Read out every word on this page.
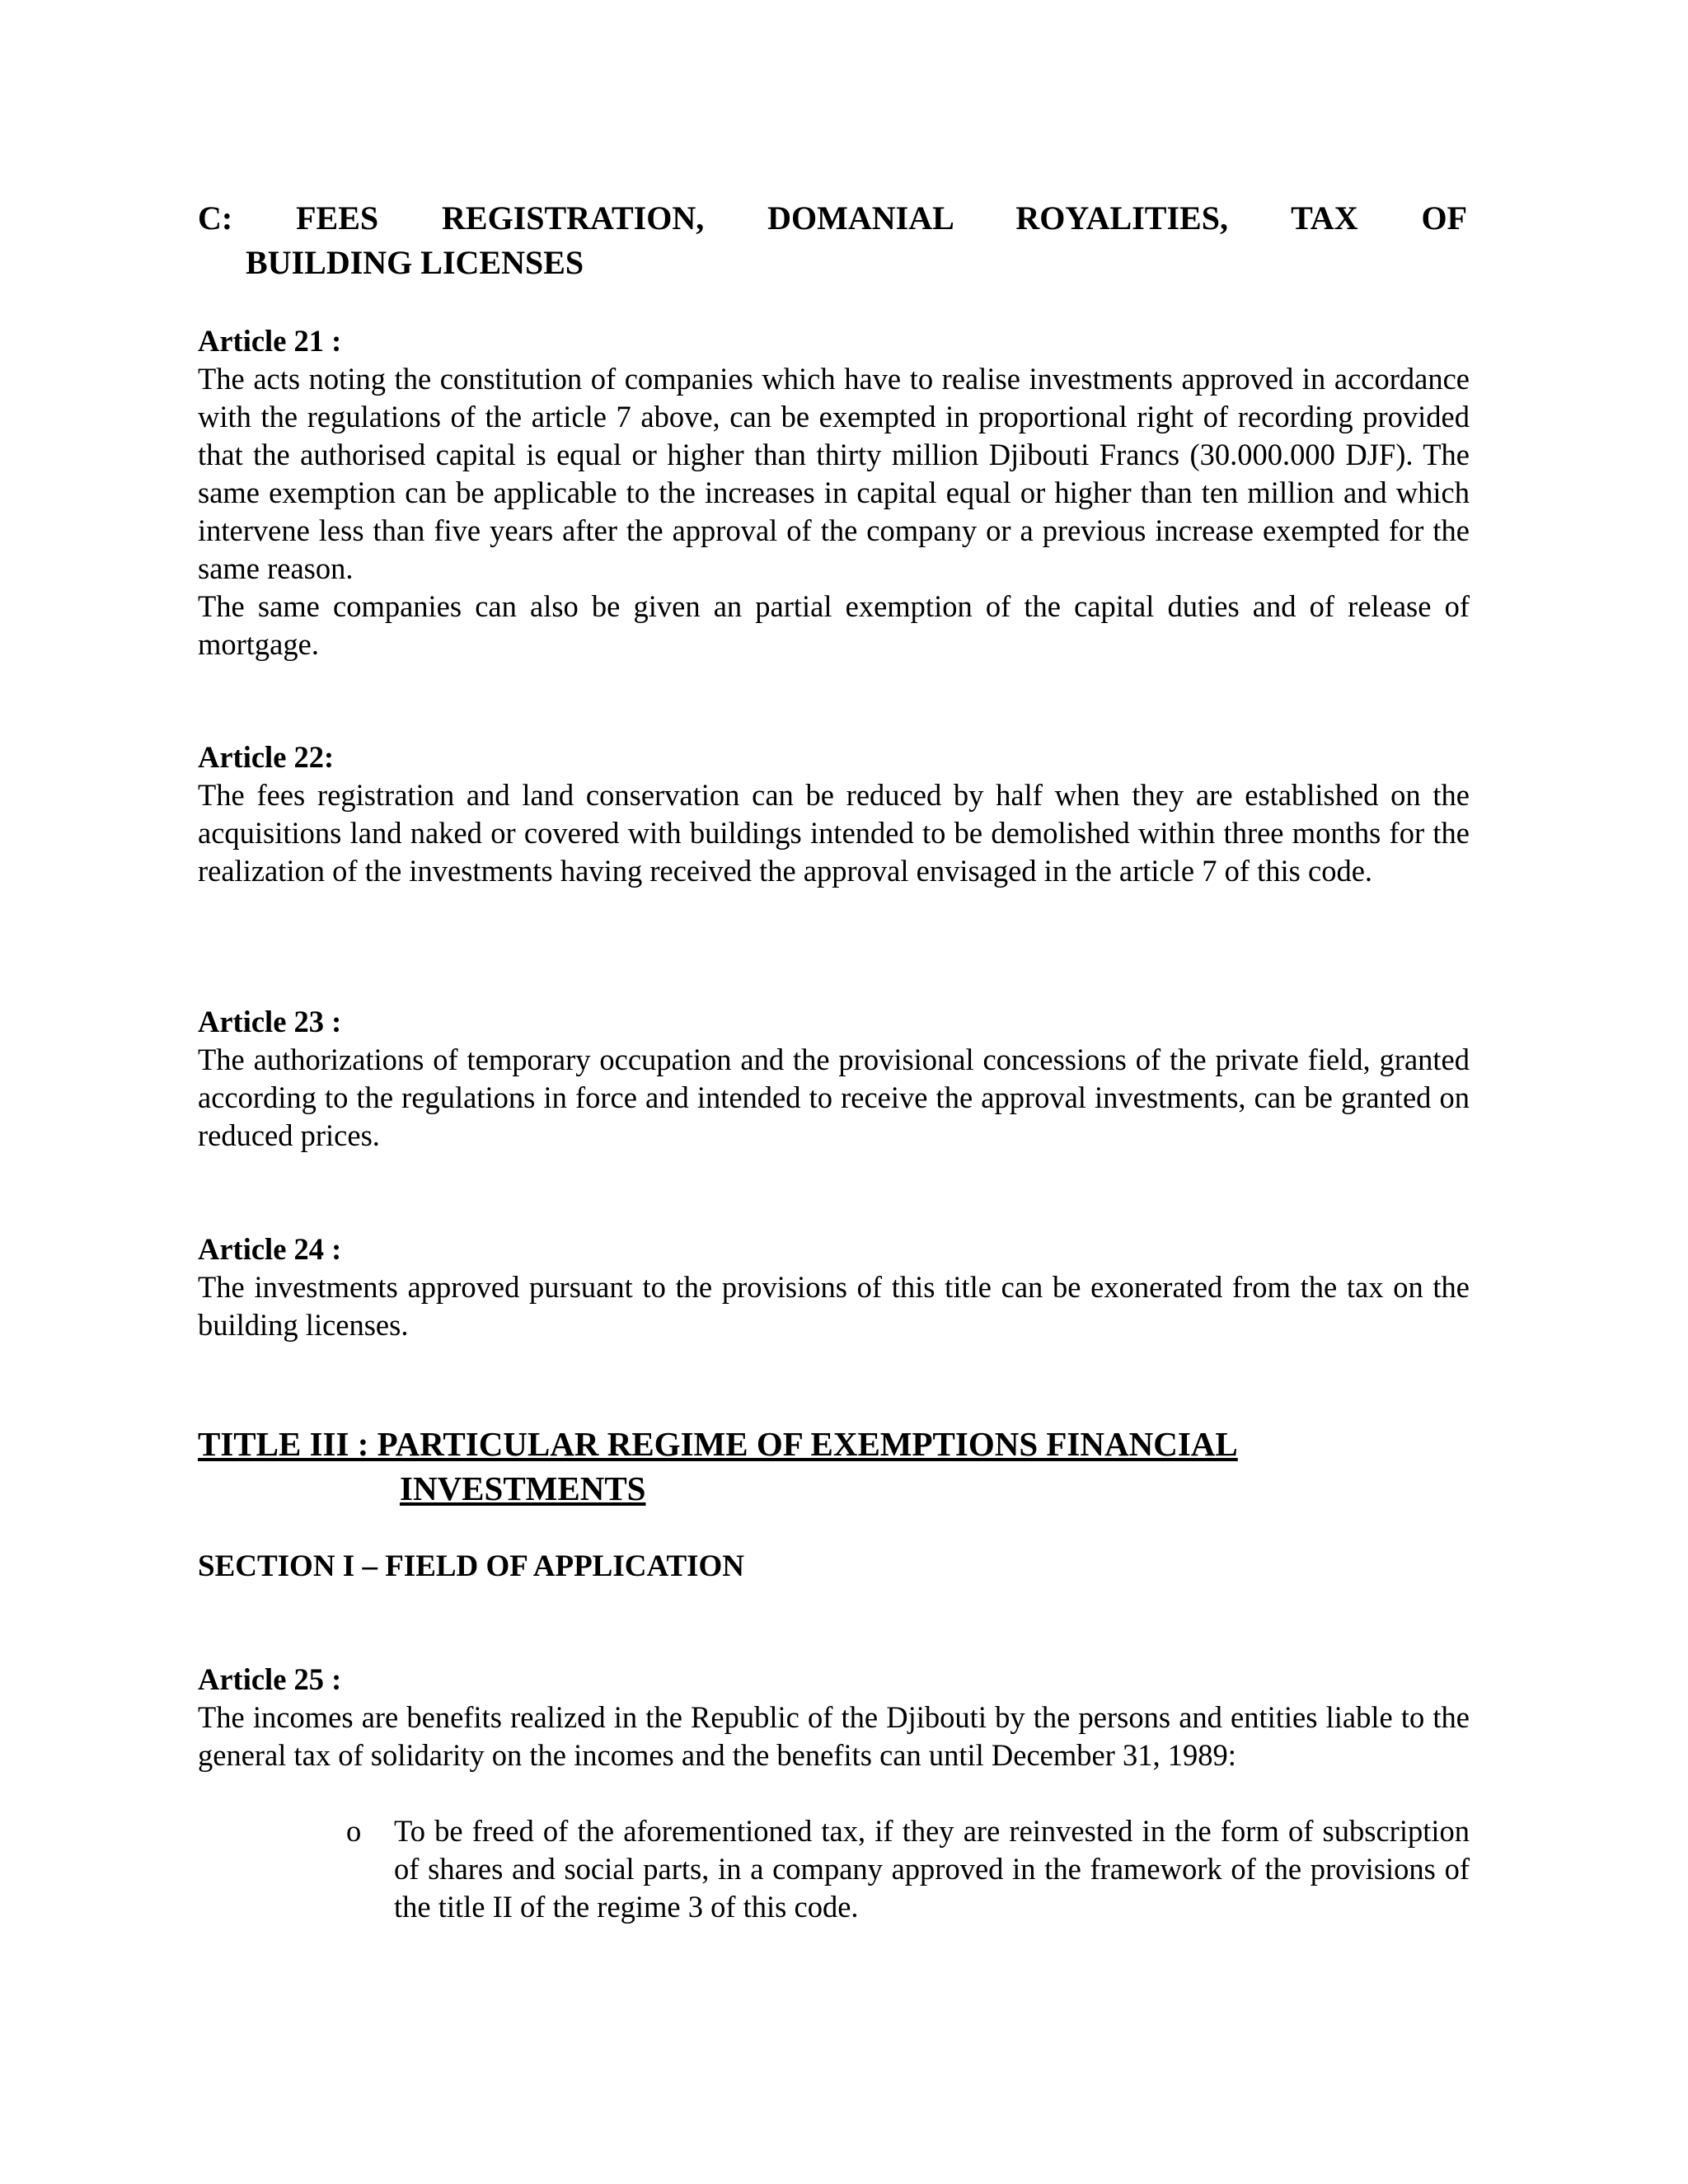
C: FEES REGISTRATION, DOMANIAL ROYALITIES, TAX OF
BUILDING LICENSES
Article 21 :

The acts noting the constitution of companies which have to realise investments approved in accordance with the regulations of the article 7 above, can be exempted in proportional right of recording provided that the authorised capital is equal or higher than thirty million Djibouti Francs (30.000.000 DJF). The same exemption can be applicable to the increases in capital equal or higher than ten million and which intervene less than five years after the approval of the company or a previous increase exempted for the same reason.

The same companies can also be given an partial exemption of the capital duties and of release of mortgage.

Article 22:

The fees registration and land conservation can be reduced by half when they are established on the acquisitions land naked or covered with buildings intended to be demolished within three months for the realization of the investments having received the approval envisaged in the article 7 of this code.

Article 23 :

The authorizations of temporary occupation and the provisional concessions of the private field, granted according to the regulations in force and intended to receive the approval investments, can be granted on reduced prices.

Article 24 :

The investments approved pursuant to the provisions of this title can be exonerated from the tax on the building licenses.

TITLE III : PARTICULAR REGIME OF EXEMPTIONS FINANCIAL
INVESTMENTS
SECTION I – FIELD OF APPLICATION
Article 25 :

The incomes are benefits realized in the Republic of the Djibouti by the persons and entities liable to the general tax of solidarity on the incomes and the benefits can until December 31, 1989:

o To be freed of the aforementioned tax, if they are reinvested in the form of subscription of shares and social parts, in a company approved in the framework of the provisions of the title II of the regime 3 of this code.
